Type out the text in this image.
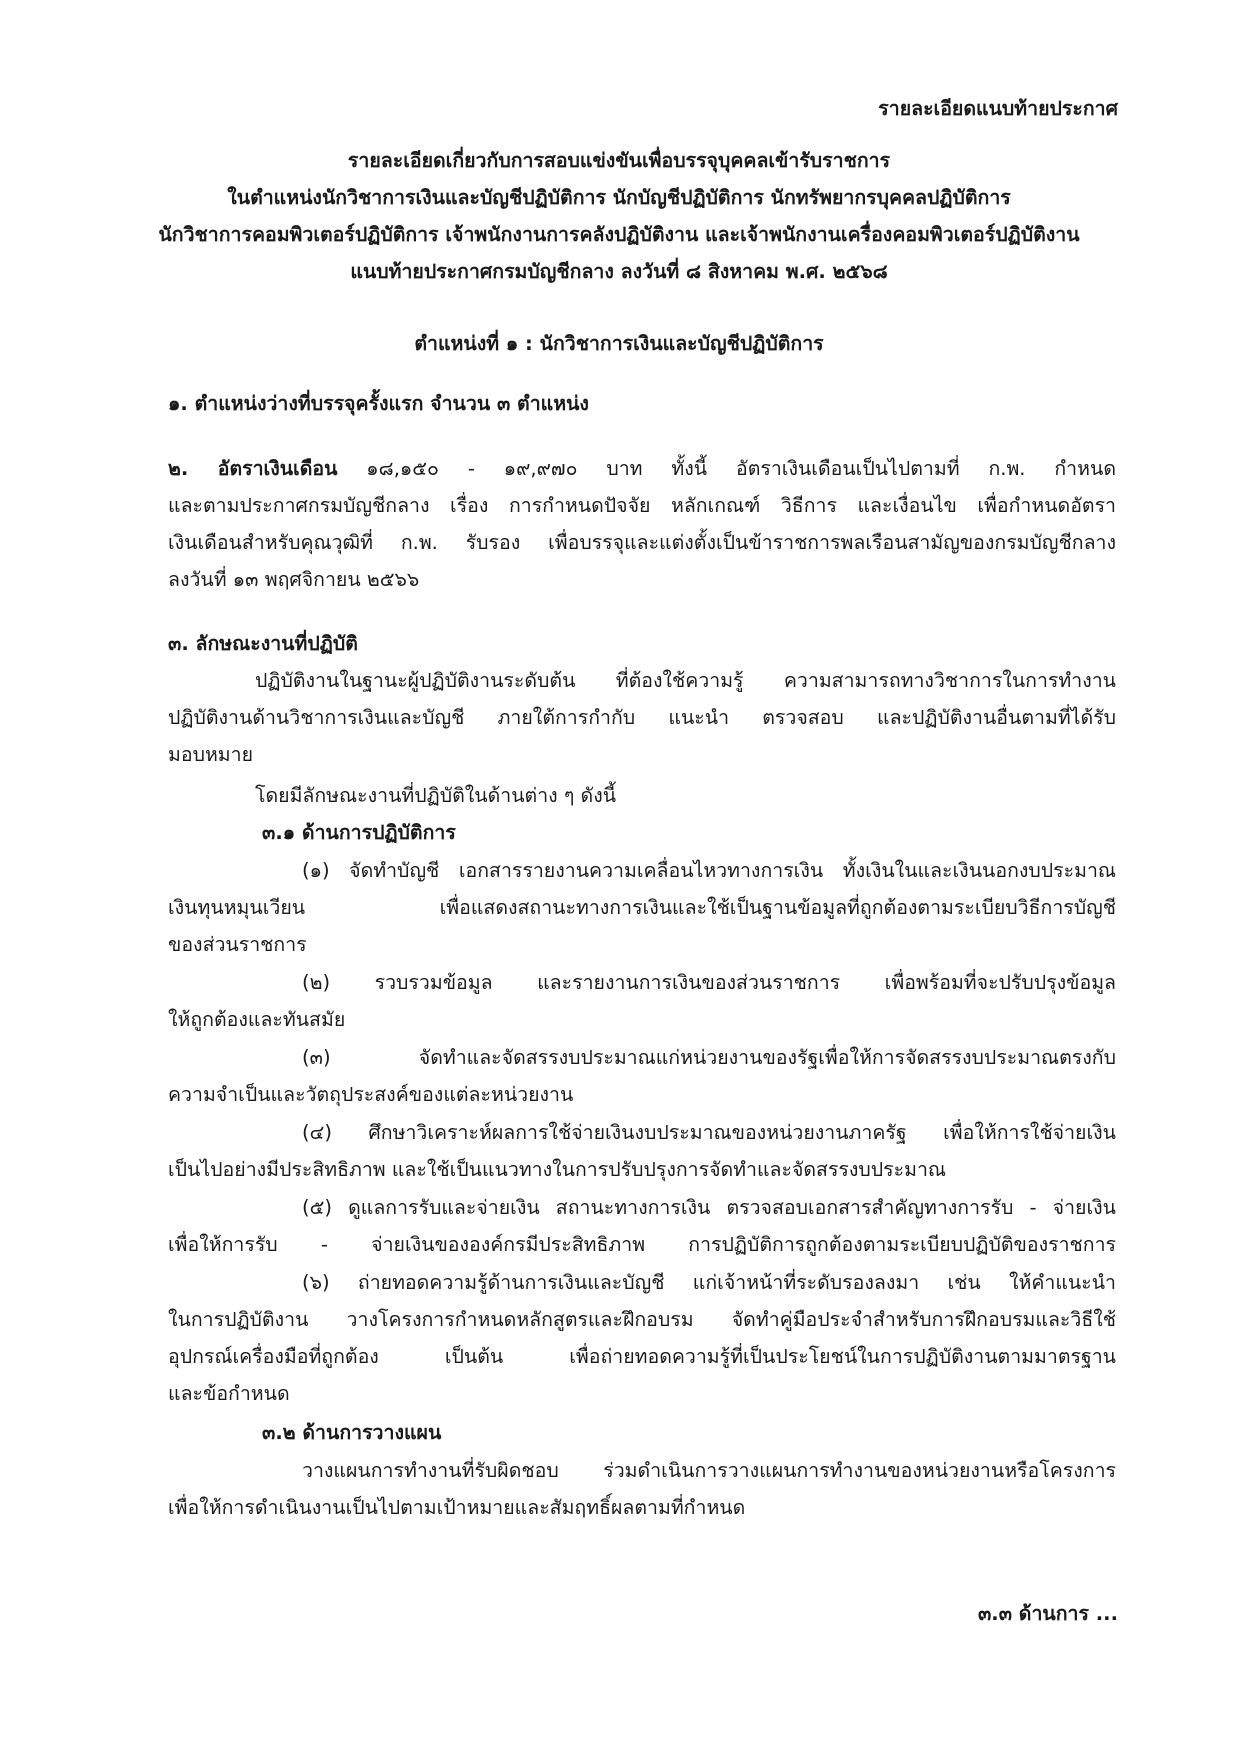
รายละเอียดแนบท้ายประกาศ

รายละเอียดเกี่ยวกับการสอบแข่งขันเพื่อบรรจุบุคคลเข้ารับราชการ

ในตำแหน่งนักวิชาการเงินและบัญชีปฏิบัติการ นักบัญชีปฏิบัติการ นักทรัพยากรบุคคลปฏิบัติการ

นักวิชาการคอมพิวเตอร์ปฏิบัติการ เจ้าพนักงานการคลังปฏิบัติงาน และเจ้าพนักงานเครื่องคอมพิวเตอร์ปฏิบัติงาน

แนบท้ายประกาศกรมบัญชีกลาง ลงวันที่ ๘ สิงหาคม พ.ศ. ๒๕๖๘

ตำแหน่งที่ ๑ : นักวิชาการเงินและบัญชีปฏิบัติการ

๑. ตำแหน่งว่างที่บรรจุครั้งแรก จำนวน ๓ ตำแหน่ง

๒. อัตราเงินเดือน ๑๘,๑๕๐ - ๑๙,๙๗๐ บาท ทั้งนี้ อัตราเงินเดือนเป็นไปตามที่ ก.พ. กำหนด

และตามประกาศกรมบัญชีกลาง เรื่อง การกำหนดปัจจัย หลักเกณฑ์ วิธีการ และเงื่อนไข เพื่อกำหนดอัตรา

เงินเดือนสำหรับคุณวุฒิที่ ก.พ. รับรอง เพื่อบรรจุและแต่งตั้งเป็นข้าราชการพลเรือนสามัญของกรมบัญชีกลาง

ลงวันที่ ๑๓ พฤศจิกายน ๒๕๖๖

๓. ลักษณะงานที่ปฏิบัติ

ปฏิบัติงานในฐานะผู้ปฏิบัติงานระดับต้น ที่ต้องใช้ความรู้ ความสามารถทางวิชาการในการทำงาน

ปฏิบัติงานด้านวิชาการเงินและบัญชี ภายใต้การกำกับ แนะนำ ตรวจสอบ และปฏิบัติงานอื่นตามที่ได้รับ

มอบหมาย

โดยมีลักษณะงานที่ปฏิบัติในด้านต่าง ๆ ดังนี้

๓.๑ ด้านการปฏิบัติการ

(๑) จัดทำบัญชี เอกสารรายงานความเคลื่อนไหวทางการเงิน ทั้งเงินในและเงินนอกงบประมาณ

เงินทุนหมุนเวียน เพื่อแสดงสถานะทางการเงินและใช้เป็นฐานข้อมูลที่ถูกต้องตามระเบียบวิธีการบัญชี

ของส่วนราชการ

(๒) รวบรวมข้อมูล และรายงานการเงินของส่วนราชการ เพื่อพร้อมที่จะปรับปรุงข้อมูล

ให้ถูกต้องและทันสมัย

(๓) จัดทำและจัดสรรงบประมาณแก่หน่วยงานของรัฐเพื่อให้การจัดสรรงบประมาณตรงกับ

ความจำเป็นและวัตถุประสงค์ของแต่ละหน่วยงาน

(๔) ศึกษาวิเคราะห์ผลการใช้จ่ายเงินงบประมาณของหน่วยงานภาครัฐ เพื่อให้การใช้จ่ายเงิน

เป็นไปอย่างมีประสิทธิภาพ และใช้เป็นแนวทางในการปรับปรุงการจัดทำและจัดสรรงบประมาณ

(๕) ดูแลการรับและจ่ายเงิน สถานะทางการเงิน ตรวจสอบเอกสารสำคัญทางการรับ - จ่ายเงิน

เพื่อให้การรับ - จ่ายเงินขององค์กรมีประสิทธิภาพ การปฏิบัติการถูกต้องตามระเบียบปฏิบัติของราชการ

(๖) ถ่ายทอดความรู้ด้านการเงินและบัญชี แก่เจ้าหน้าที่ระดับรองลงมา เช่น ให้คำแนะนำ

ในการปฏิบัติงาน วางโครงการกำหนดหลักสูตรและฝึกอบรม จัดทำคู่มือประจำสำหรับการฝึกอบรมและวิธีใช้

อุปกรณ์เครื่องมือที่ถูกต้อง เป็นต้น เพื่อถ่ายทอดความรู้ที่เป็นประโยชน์ในการปฏิบัติงานตามมาตรฐาน

และข้อกำหนด

๓.๒ ด้านการวางแผน

วางแผนการทำงานที่รับผิดชอบ ร่วมดำเนินการวางแผนการทำงานของหน่วยงานหรือโครงการ

เพื่อให้การดำเนินงานเป็นไปตามเป้าหมายและสัมฤทธิ์ผลตามที่กำหนด

๓.๓ ด้านการ ...
